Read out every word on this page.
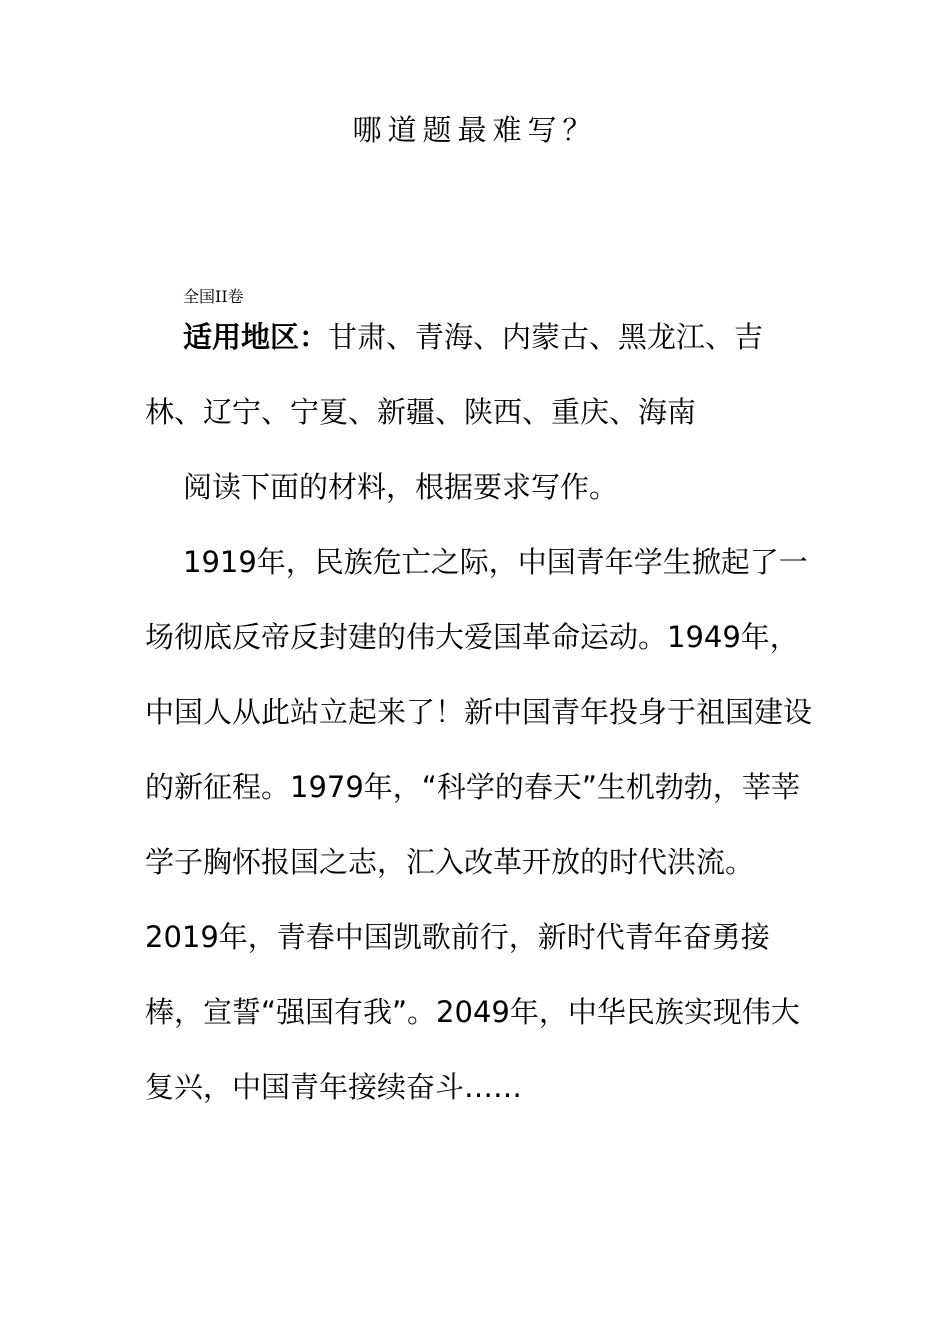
哪道题最难写？
全国II卷

适用地区：甘肃、青海、内蒙古、黑龙江、吉林、辽宁、宁夏、新疆、陕西、重庆、海南

阅读下面的材料，根据要求写作。

1919年，民族危亡之际，中国青年学生掀起了一场彻底反帝反封建的伟大爱国革命运动。1949年，中国人从此站立起来了！新中国青年投身于祖国建设的新征程。1979年，“科学的春天”生机勃勃，莘莘学子胸怀报国之志，汇入改革开放的时代洪流。2019年，青春中国凯歌前行，新时代青年奋勇接棒，宣誓“强国有我”。2049年，中华民族实现伟大复兴，中国青年接续奋斗……
